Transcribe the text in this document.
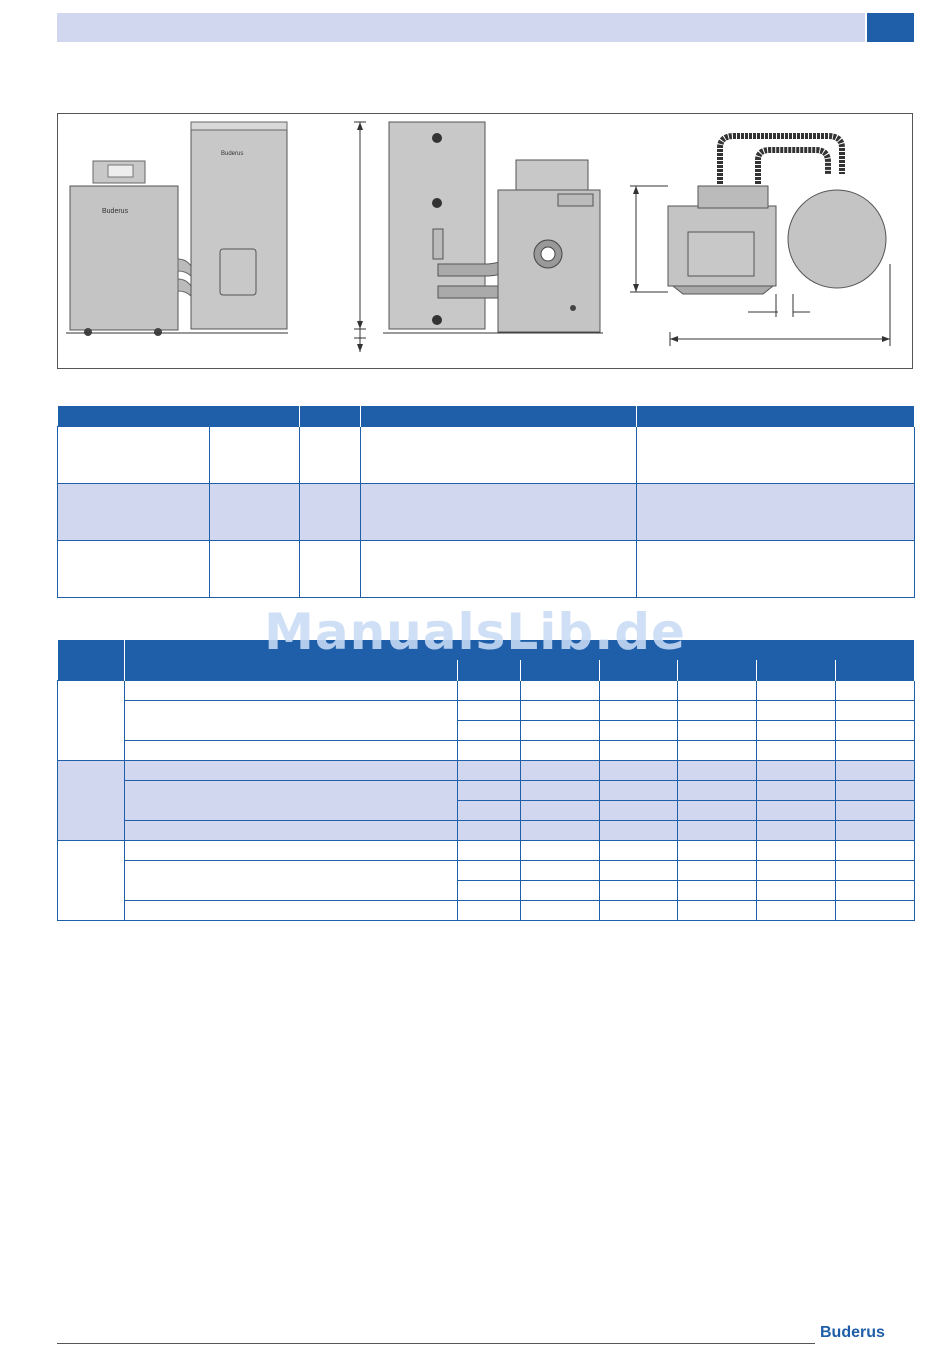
Buderus
Buderus

ManualsLib.de
Buderus
